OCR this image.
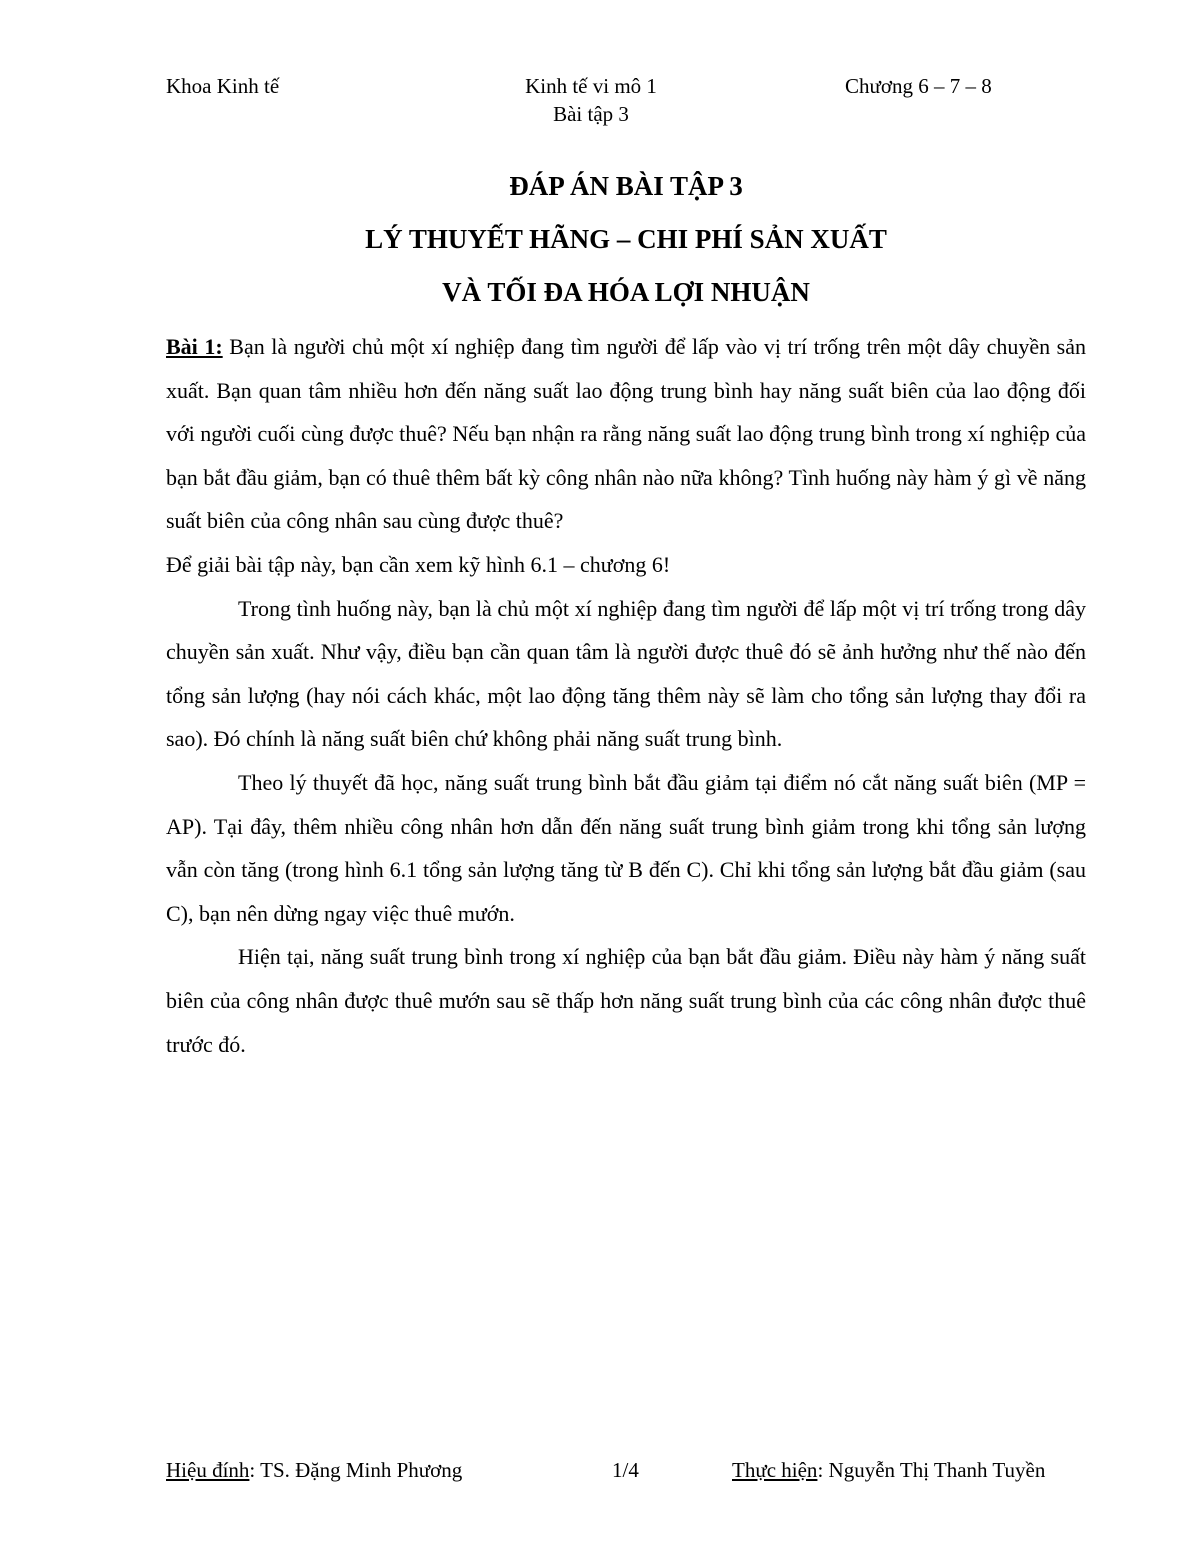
Khoa Kinh tế	Kinh tế vi mô 1
Bài tập 3
Chương 6 – 7 – 8
ĐÁP ÁN BÀI TẬP 3
LÝ THUYẾT HÃNG – CHI PHÍ SẢN XUẤT
VÀ TỐI ĐA HÓA LỢI NHUẬN

Bài 1: Bạn là người chủ một xí nghiệp đang tìm người để lấp vào vị trí trống trên một dây chuyền sản xuất. Bạn quan tâm nhiều hơn đến năng suất lao động trung bình hay năng suất biên của lao động đối với người cuối cùng được thuê? Nếu bạn nhận ra rằng năng suất lao động trung bình trong xí nghiệp của bạn bắt đầu giảm, bạn có thuê thêm bất kỳ công nhân nào nữa không? Tình huống này hàm ý gì về năng suất biên của công nhân sau cùng được thuê?

Để giải bài tập này, bạn cần xem kỹ hình 6.1 – chương 6!

Trong tình huống này, bạn là chủ một xí nghiệp đang tìm người để lấp một vị trí trống trong dây chuyền sản xuất. Như vậy, điều bạn cần quan tâm là người được thuê đó sẽ ảnh hưởng như thế nào đến tổng sản lượng (hay nói cách khác, một lao động tăng thêm này sẽ làm cho tổng sản lượng thay đổi ra sao). Đó chính là năng suất biên chứ không phải năng suất trung bình.

Theo lý thuyết đã học, năng suất trung bình bắt đầu giảm tại điểm nó cắt năng suất biên (MP = AP). Tại đây, thêm nhiều công nhân hơn dẫn đến năng suất trung bình giảm trong khi tổng sản lượng vẫn còn tăng (trong hình 6.1 tổng sản lượng tăng từ B đến C). Chỉ khi tổng sản lượng bắt đầu giảm (sau C), bạn nên dừng ngay việc thuê mướn.

Hiện tại, năng suất trung bình trong xí nghiệp của bạn bắt đầu giảm. Điều này hàm ý năng suất biên của công nhân được thuê mướn sau sẽ thấp hơn năng suất trung bình của các công nhân được thuê trước đó.

Hiệu đính: TS. Đặng Minh Phương	1/4	Thực hiện: Nguyễn Thị Thanh Tuyền
